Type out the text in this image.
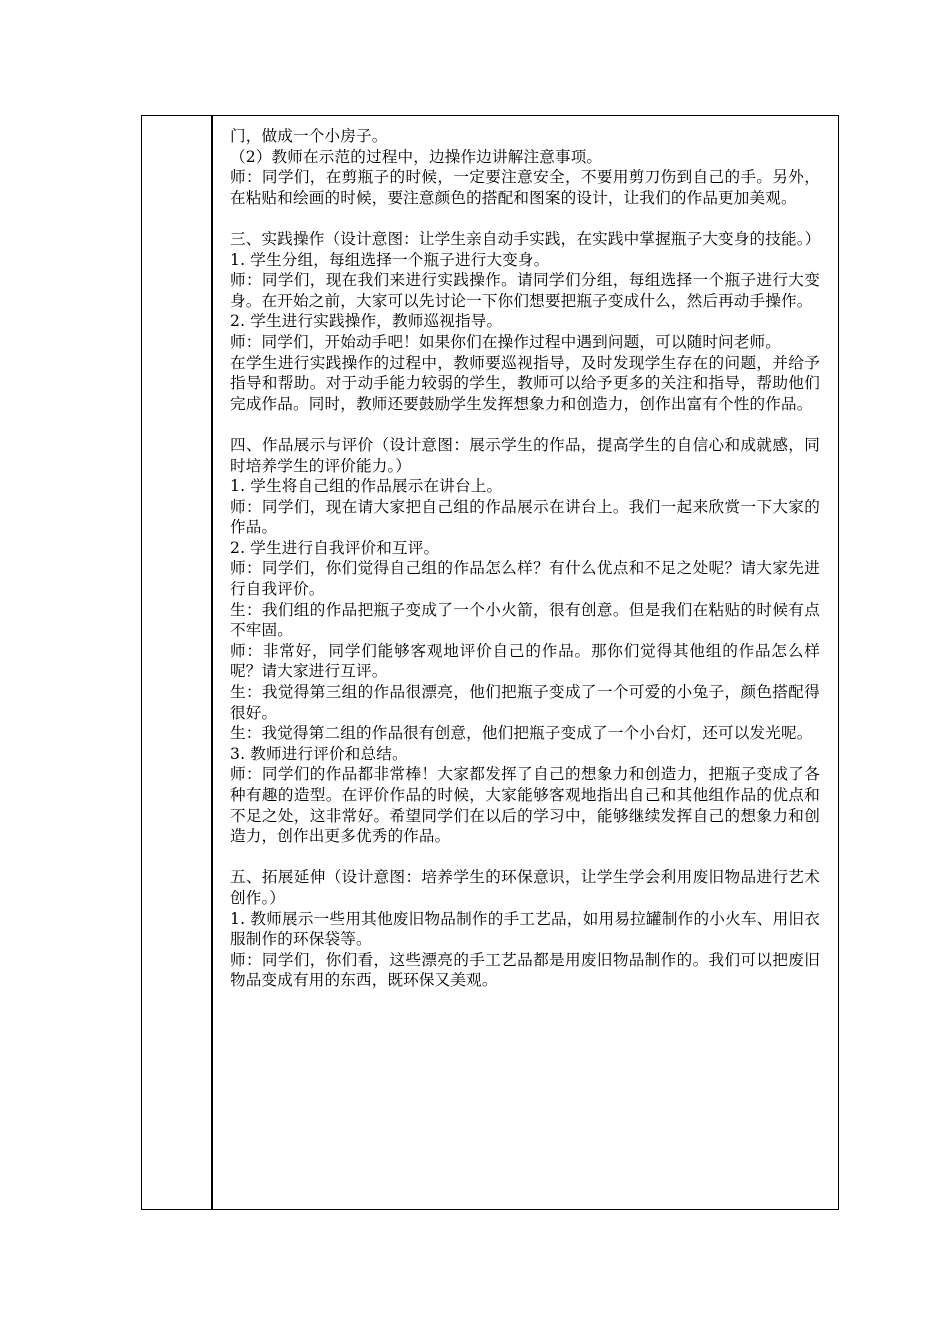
门，做成一个小房子。

（2）教师在示范的过程中，边操作边讲解注意事项。

师：同学们，在剪瓶子的时候，一定要注意安全，不要用剪刀伤到自己的手。另外，在粘贴和绘画的时候，要注意颜色的搭配和图案的设计，让我们的作品更加美观。

三、实践操作（设计意图：让学生亲自动手实践，在实践中掌握瓶子大变身的技能。）

1. 学生分组，每组选择一个瓶子进行大变身。

师：同学们，现在我们来进行实践操作。请同学们分组，每组选择一个瓶子进行大变身。在开始之前，大家可以先讨论一下你们想要把瓶子变成什么，然后再动手操作。

2. 学生进行实践操作，教师巡视指导。

师：同学们，开始动手吧！如果你们在操作过程中遇到问题，可以随时问老师。

在学生进行实践操作的过程中，教师要巡视指导，及时发现学生存在的问题，并给予指导和帮助。对于动手能力较弱的学生，教师可以给予更多的关注和指导，帮助他们完成作品。同时，教师还要鼓励学生发挥想象力和创造力，创作出富有个性的作品。

四、作品展示与评价（设计意图：展示学生的作品，提高学生的自信心和成就感，同时培养学生的评价能力。）

1. 学生将自己组的作品展示在讲台上。

师：同学们，现在请大家把自己组的作品展示在讲台上。我们一起来欣赏一下大家的作品。

2. 学生进行自我评价和互评。

师：同学们，你们觉得自己组的作品怎么样？有什么优点和不足之处呢？请大家先进行自我评价。

生：我们组的作品把瓶子变成了一个小火箭，很有创意。但是我们在粘贴的时候有点不牢固。

师：非常好，同学们能够客观地评价自己的作品。那你们觉得其他组的作品怎么样呢？请大家进行互评。

生：我觉得第三组的作品很漂亮，他们把瓶子变成了一个可爱的小兔子，颜色搭配得很好。

生：我觉得第二组的作品很有创意，他们把瓶子变成了一个小台灯，还可以发光呢。

3. 教师进行评价和总结。

师：同学们的作品都非常棒！大家都发挥了自己的想象力和创造力，把瓶子变成了各种有趣的造型。在评价作品的时候，大家能够客观地指出自己和其他组作品的优点和不足之处，这非常好。希望同学们在以后的学习中，能够继续发挥自己的想象力和创造力，创作出更多优秀的作品。

五、拓展延伸（设计意图：培养学生的环保意识，让学生学会利用废旧物品进行艺术创作。）

1. 教师展示一些用其他废旧物品制作的手工艺品，如用易拉罐制作的小火车、用旧衣服制作的环保袋等。

师：同学们，你们看，这些漂亮的手工艺品都是用废旧物品制作的。我们可以把废旧物品变成有用的东西，既环保又美观。
